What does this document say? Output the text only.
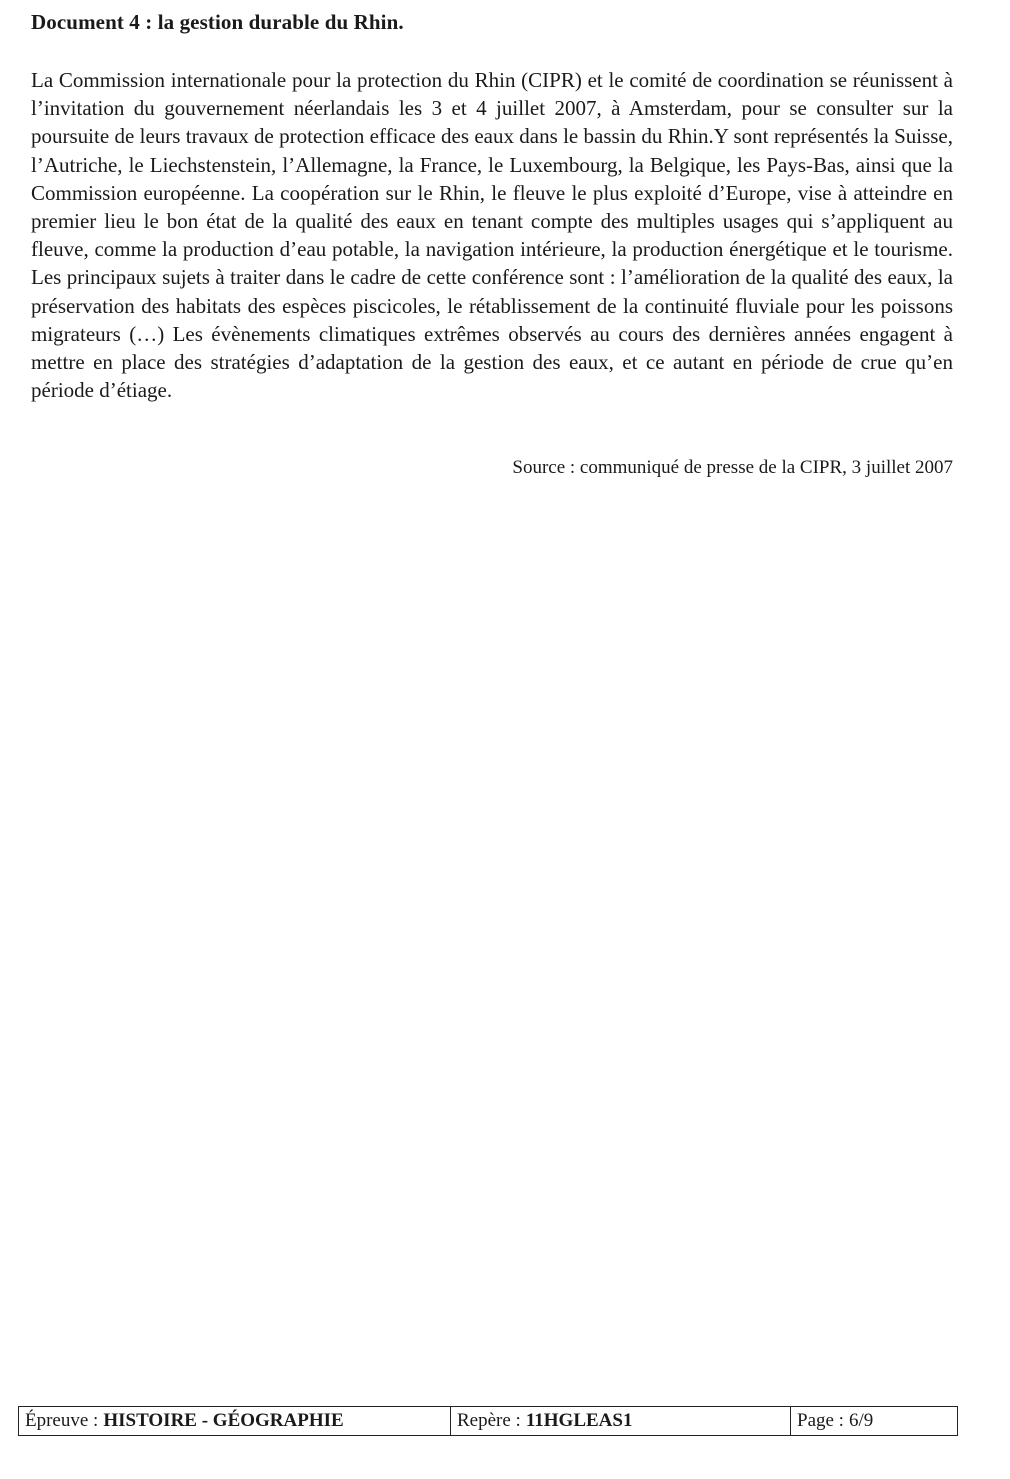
Document 4 : la gestion durable du Rhin.
La Commission internationale pour la protection du Rhin (CIPR) et le comité de coordination se réunissent à l’invitation du gouvernement néerlandais les 3 et 4 juillet 2007, à Amsterdam, pour se consulter sur la poursuite de leurs travaux de protection efficace des eaux dans le bassin du Rhin.Y sont représentés la Suisse, l’Autriche, le Liechstenstein, l’Allemagne, la France, le Luxembourg, la Belgique, les Pays-Bas, ainsi que la Commission européenne. La coopération sur le Rhin, le fleuve le plus exploité d’Europe, vise à atteindre en premier lieu le bon état de la qualité des eaux en tenant compte des multiples usages qui s’appliquent au fleuve, comme la production d’eau potable, la navigation intérieure, la production énergétique et le tourisme. Les principaux sujets à traiter dans le cadre de cette conférence sont : l’amélioration de la qualité des eaux, la préservation des habitats des espèces piscicoles, le rétablissement de la continuité fluviale pour les poissons migrateurs (…) Les évènements climatiques extrêmes observés au cours des dernières années engagent à mettre en place des stratégies d’adaptation de la gestion des eaux, et ce autant en période de crue qu’en période d’étiage.
Source : communiqué de presse de la CIPR, 3 juillet 2007
Épreuve : HISTOIRE - GÉOGRAPHIE	Repère : 11HGLEAS1	Page : 6/9
